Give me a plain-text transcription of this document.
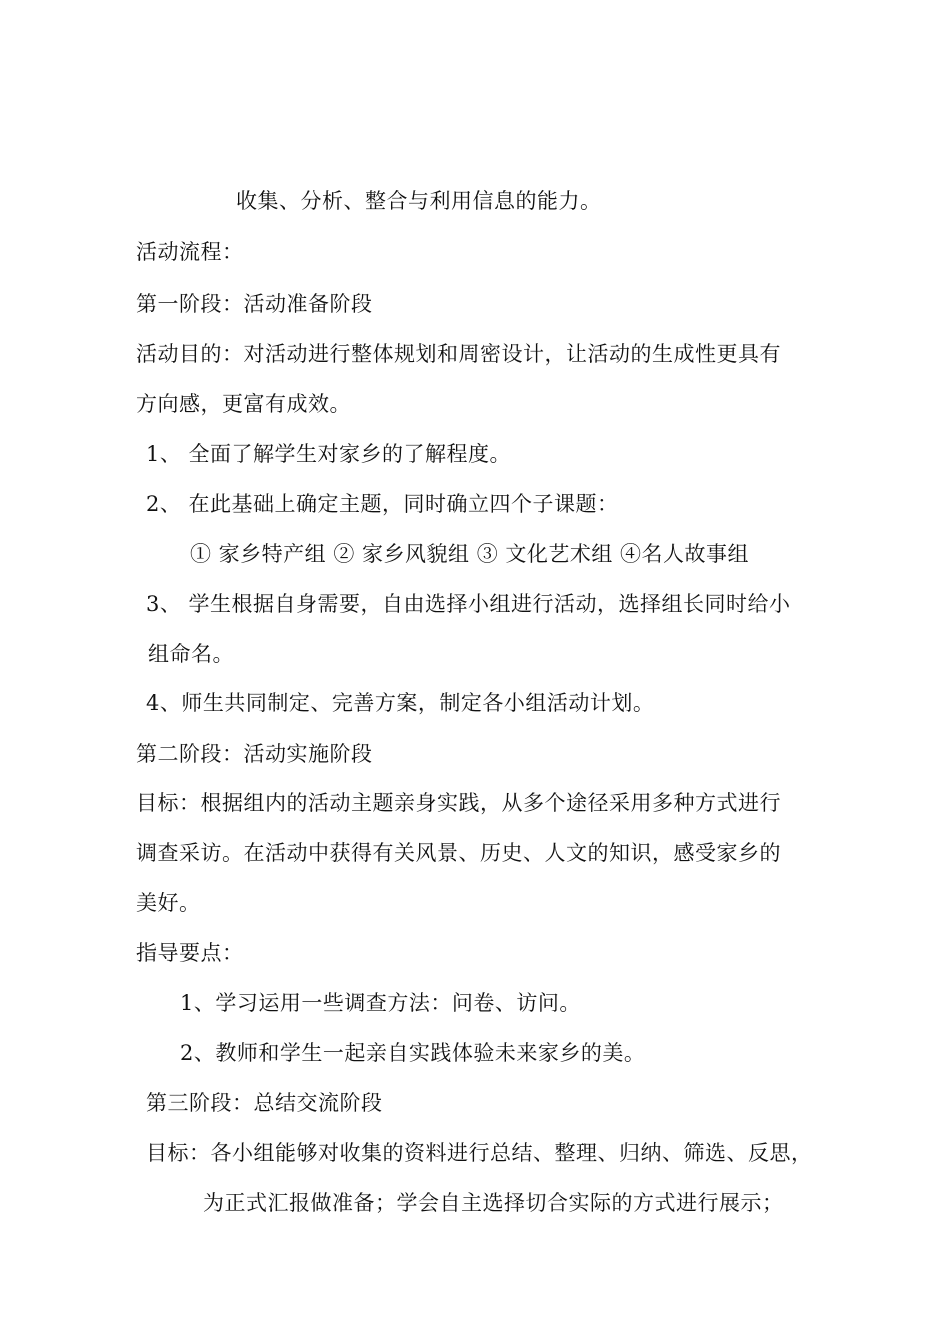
收集、分析、整合与利用信息的能力。
活动流程：
第一阶段：活动准备阶段
活动目的：对活动进行整体规划和周密设计，让活动的生成性更具有
方向感，更富有成效。
1、 全面了解学生对家乡的了解程度。
2、 在此基础上确定主题，同时确立四个子课题：
① 家乡特产组 ② 家乡风貌组 ③ 文化艺术组 ④名人故事组
3、 学生根据自身需要，自由选择小组进行活动，选择组长同时给小
组命名。
4、师生共同制定、完善方案，制定各小组活动计划。
第二阶段：活动实施阶段
目标：根据组内的活动主题亲身实践，从多个途径采用多种方式进行
调查采访。在活动中获得有关风景、历史、人文的知识，感受家乡的
美好。
指导要点：
1、学习运用一些调查方法：问卷、访问。
2、教师和学生一起亲自实践体验未来家乡的美。
第三阶段：总结交流阶段
目标：各小组能够对收集的资料进行总结、整理、归纳、筛选、反思，
为正式汇报做准备；学会自主选择切合实际的方式进行展示；
